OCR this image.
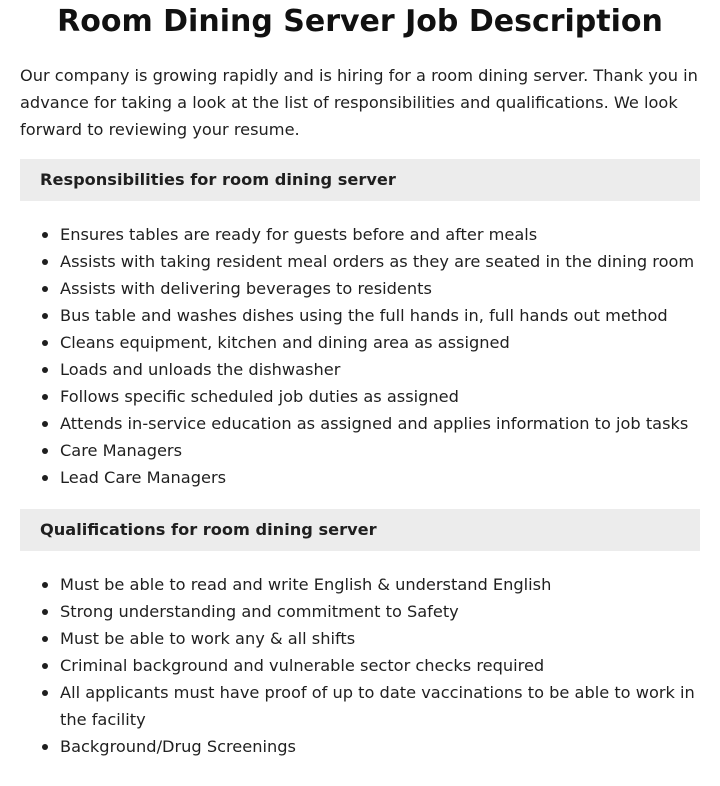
Room Dining Server Job Description

Our company is growing rapidly and is hiring for a room dining server. Thank you in advance for taking a look at the list of responsibilities and qualifications. We look forward to reviewing your resume.

Responsibilities for room dining server
Ensures tables are ready for guests before and after meals
Assists with taking resident meal orders as they are seated in the dining room
Assists with delivering beverages to residents
Bus table and washes dishes using the full hands in, full hands out method
Cleans equipment, kitchen and dining area as assigned
Loads and unloads the dishwasher
Follows specific scheduled job duties as assigned
Attends in-service education as assigned and applies information to job tasks
Care Managers
Lead Care Managers
Qualifications for room dining server
Must be able to read and write English & understand English
Strong understanding and commitment to Safety
Must be able to work any & all shifts
Criminal background and vulnerable sector checks required
All applicants must have proof of up to date vaccinations to be able to work in the facility
Background/Drug Screenings
